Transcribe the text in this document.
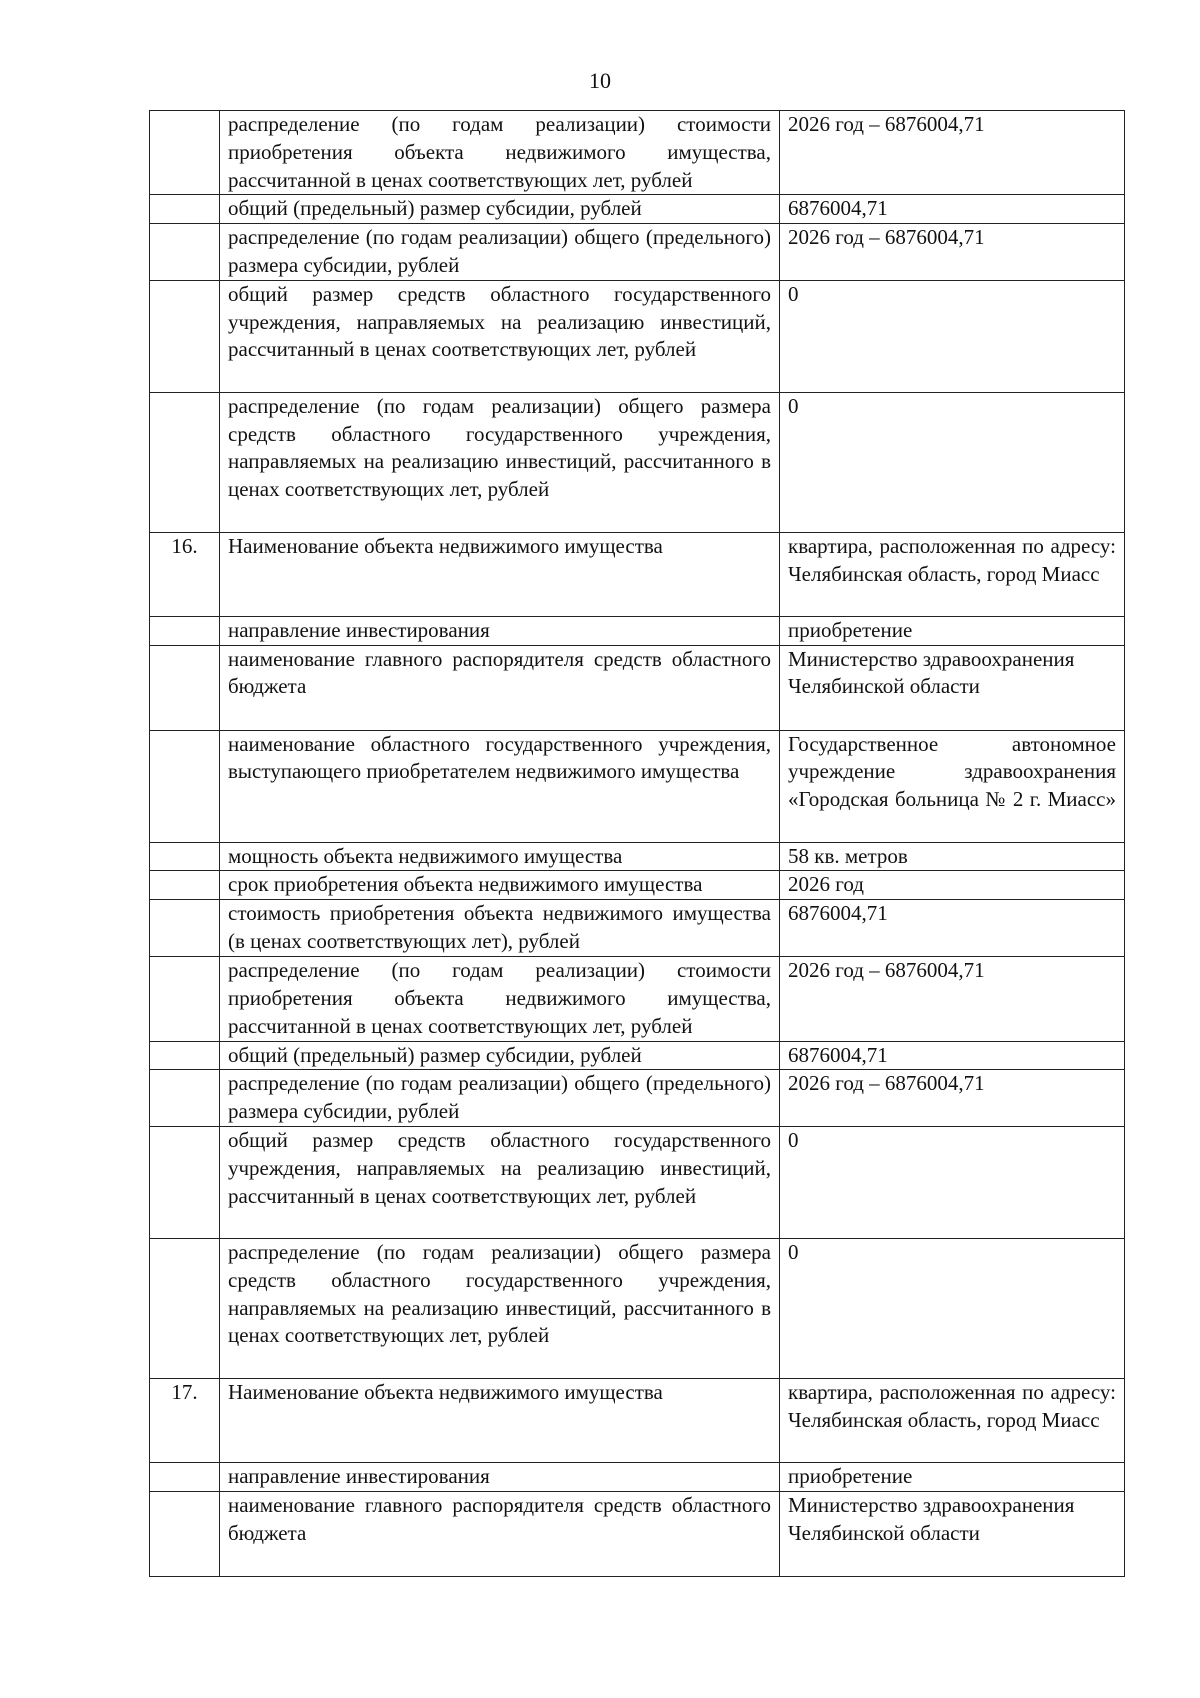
10
	распределение (по годам реализации) стоимости приобретения объекта недвижимого имущества, рассчитанной в ценах соответствующих лет, рублей	2026 год – 6876004,71
	общий (предельный) размер субсидии, рублей	6876004,71
	распределение (по годам реализации) общего (предельного) размера субсидии, рублей	2026 год – 6876004,71
	общий размер средств областного государственного учреждения, направляемых на реализацию инвестиций, рассчитанный в ценах соответствующих лет, рублей	0
	распределение (по годам реализации) общего размера средств областного государственного учреждения, направляемых на реализацию инвестиций, рассчитанного в ценах соответствующих лет, рублей	0
16.	Наименование объекта недвижимого имущества	квартира, расположенная по адресу: Челябинская область, город Миасс
	направление инвестирования	приобретение
	наименование главного распорядителя средств областного бюджета	Министерство здравоохранения Челябинской области
	наименование областного государственного учреждения, выступающего приобретателем недвижимого имущества	Государственное автономное учреждение здравоохранения «Городская больница № 2 г. Миасс»
	мощность объекта недвижимого имущества	58 кв. метров
	срок приобретения объекта недвижимого имущества	2026 год
	стоимость приобретения объекта недвижимого имущества (в ценах соответствующих лет), рублей	6876004,71
	распределение (по годам реализации) стоимости приобретения объекта недвижимого имущества, рассчитанной в ценах соответствующих лет, рублей	2026 год – 6876004,71
	общий (предельный) размер субсидии, рублей	6876004,71
	распределение (по годам реализации) общего (предельного) размера субсидии, рублей	2026 год – 6876004,71
	общий размер средств областного государственного учреждения, направляемых на реализацию инвестиций, рассчитанный в ценах соответствующих лет, рублей	0
	распределение (по годам реализации) общего размера средств областного государственного учреждения, направляемых на реализацию инвестиций, рассчитанного в ценах соответствующих лет, рублей	0
17.	Наименование объекта недвижимого имущества	квартира, расположенная по адресу: Челябинская область, город Миасс
	направление инвестирования	приобретение
	наименование главного распорядителя средств областного бюджета	Министерство здравоохранения Челябинской области
